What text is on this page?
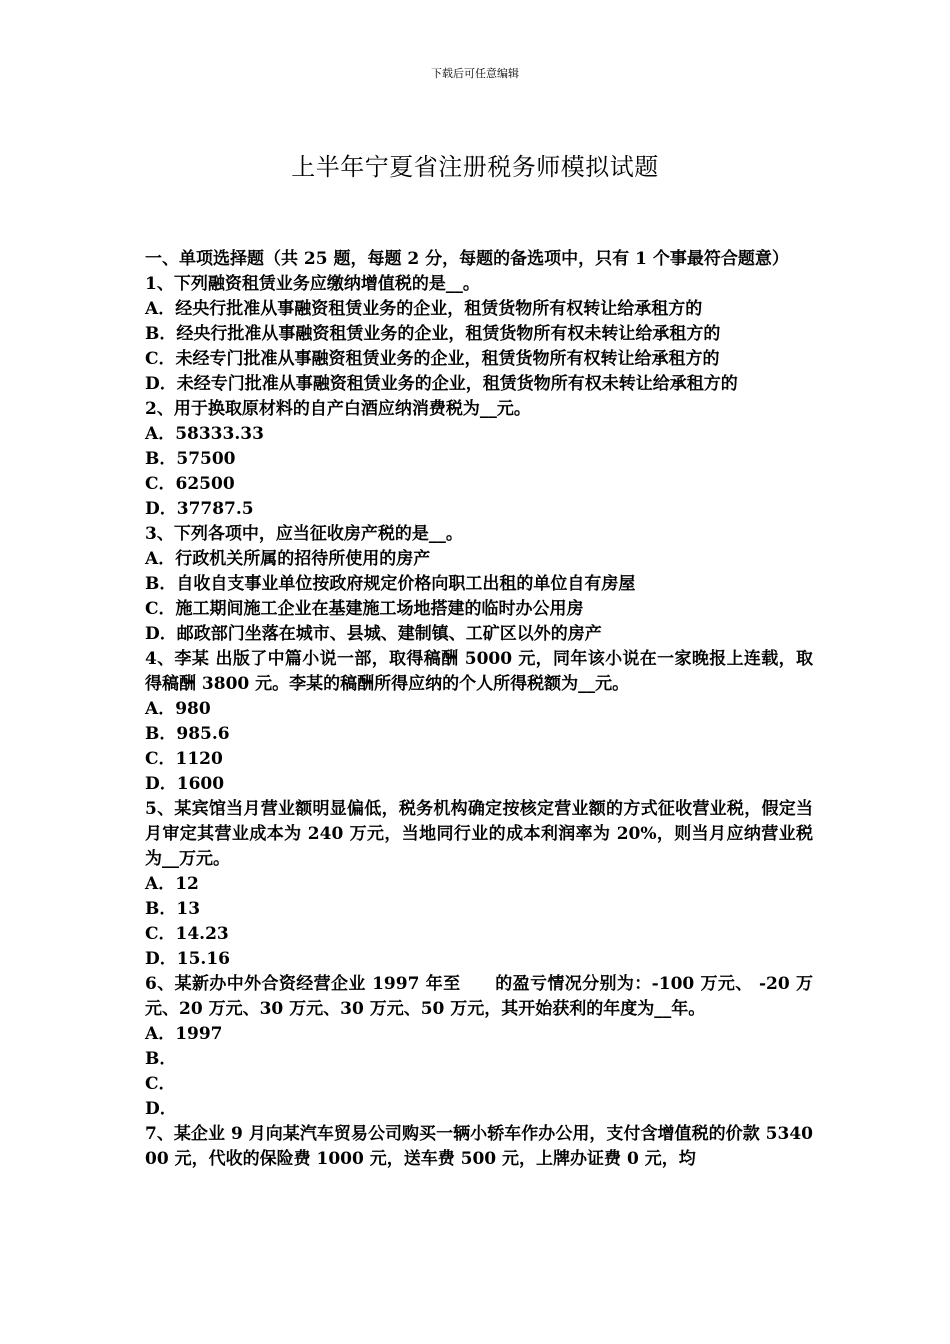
下载后可任意编辑
上半年宁夏省注册税务师模拟试题
一、单项选择题（共 25 题，每题 2 分，每题的备选项中，只有 1 个事最符合题意）
1、下列融资租赁业务应缴纳增值税的是__。
A．经央行批准从事融资租赁业务的企业，租赁货物所有权转让给承租方的
B．经央行批准从事融资租赁业务的企业，租赁货物所有权未转让给承租方的
C．未经专门批准从事融资租赁业务的企业，租赁货物所有权转让给承租方的
D．未经专门批准从事融资租赁业务的企业，租赁货物所有权未转让给承租方的
2、用于换取原材料的自产白酒应纳消费税为__元。
A．58333.33
B．57500
C．62500
D．37787.5
3、下列各项中，应当征收房产税的是__。
A．行政机关所属的招待所使用的房产
B．自收自支事业单位按政府规定价格向职工出租的单位自有房屋
C．施工期间施工企业在基建施工场地搭建的临时办公用房
D．邮政部门坐落在城市、县城、建制镇、工矿区以外的房产
4、李某 出版了中篇小说一部，取得稿酬 5000 元，同年该小说在一家晚报上连载，取得稿酬 3800 元。李某的稿酬所得应纳的个人所得税额为__元。
A．980
B．985.6
C．1120
D．1600
5、某宾馆当月营业额明显偏低，税务机构确定按核定营业额的方式征收营业税，假定当月审定其营业成本为 240 万元，当地同行业的成本利润率为 20%，则当月应纳营业税为__万元。
A．12
B．13
C．14.23
D．15.16
6、某新办中外合资经营企业 1997 年至　　的盈亏情况分别为：-100 万元、 -20 万元、20 万元、30 万元、30 万元、50 万元，其开始获利的年度为__年。
A．1997
B．
C．
D．
7、某企业 9 月向某汽车贸易公司购买一辆小轿车作办公用，支付含增值税的价款 534000 元，代收的保险费 1000 元，送车费 500 元，上牌办证费 0 元，均
